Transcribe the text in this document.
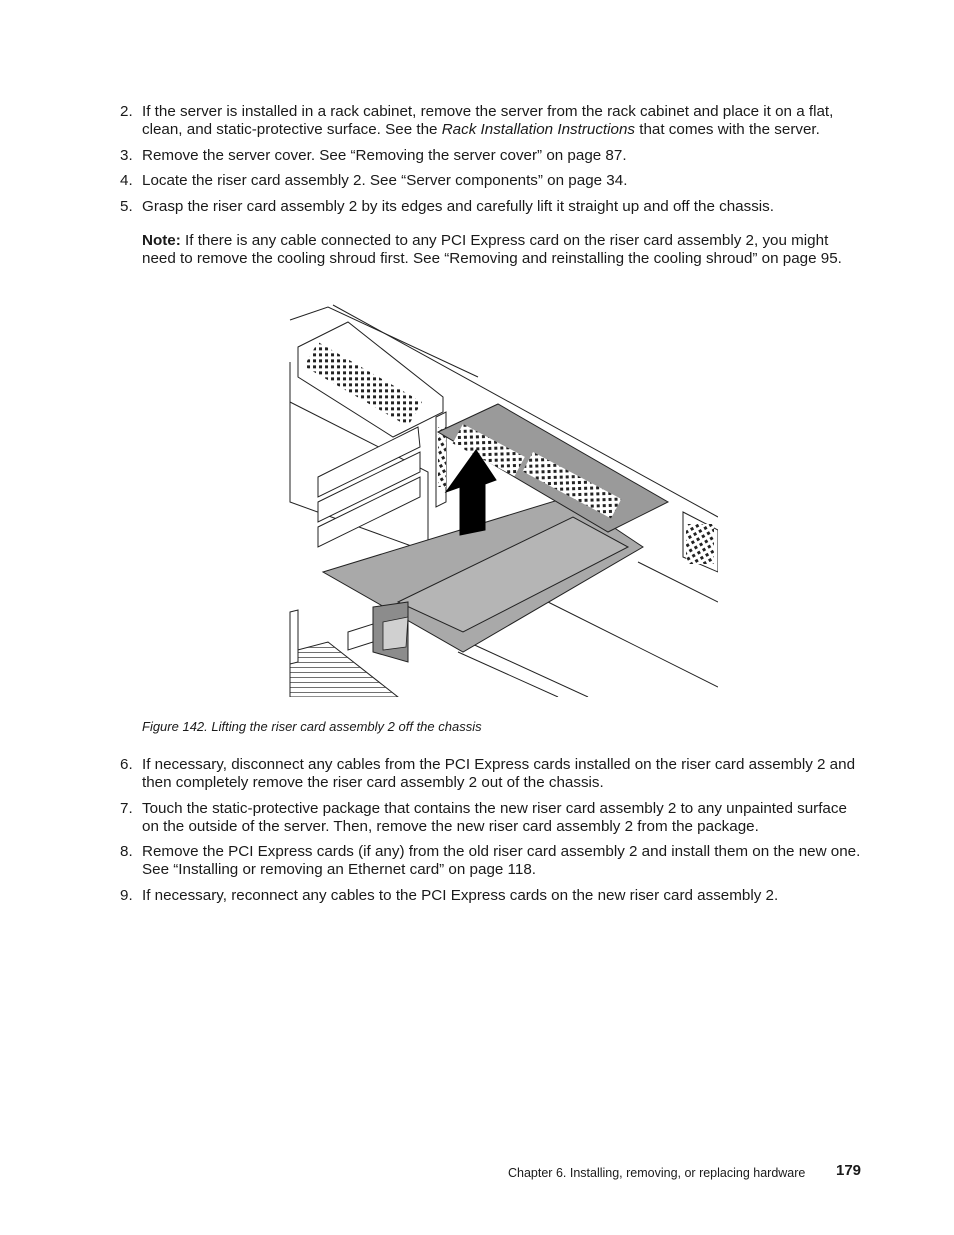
2. If the server is installed in a rack cabinet, remove the server from the rack cabinet and place it on a flat, clean, and static-protective surface. See the Rack Installation Instructions that comes with the server.
3. Remove the server cover. See “Removing the server cover” on page 87.
4. Locate the riser card assembly 2. See “Server components” on page 34.
5. Grasp the riser card assembly 2 by its edges and carefully lift it straight up and off the chassis.
Note: If there is any cable connected to any PCI Express card on the riser card assembly 2, you might need to remove the cooling shroud first. See “Removing and reinstalling the cooling shroud” on page 95.
Figure 142. Lifting the riser card assembly 2 off the chassis
6. If necessary, disconnect any cables from the PCI Express cards installed on the riser card assembly 2 and then completely remove the riser card assembly 2 out of the chassis.
7. Touch the static-protective package that contains the new riser card assembly 2 to any unpainted surface on the outside of the server. Then, remove the new riser card assembly 2 from the package.
8. Remove the PCI Express cards (if any) from the old riser card assembly 2 and install them on the new one. See “Installing or removing an Ethernet card” on page 118.
9. If necessary, reconnect any cables to the PCI Express cards on the new riser card assembly 2.
Chapter 6. Installing, removing, or replacing hardware 179
